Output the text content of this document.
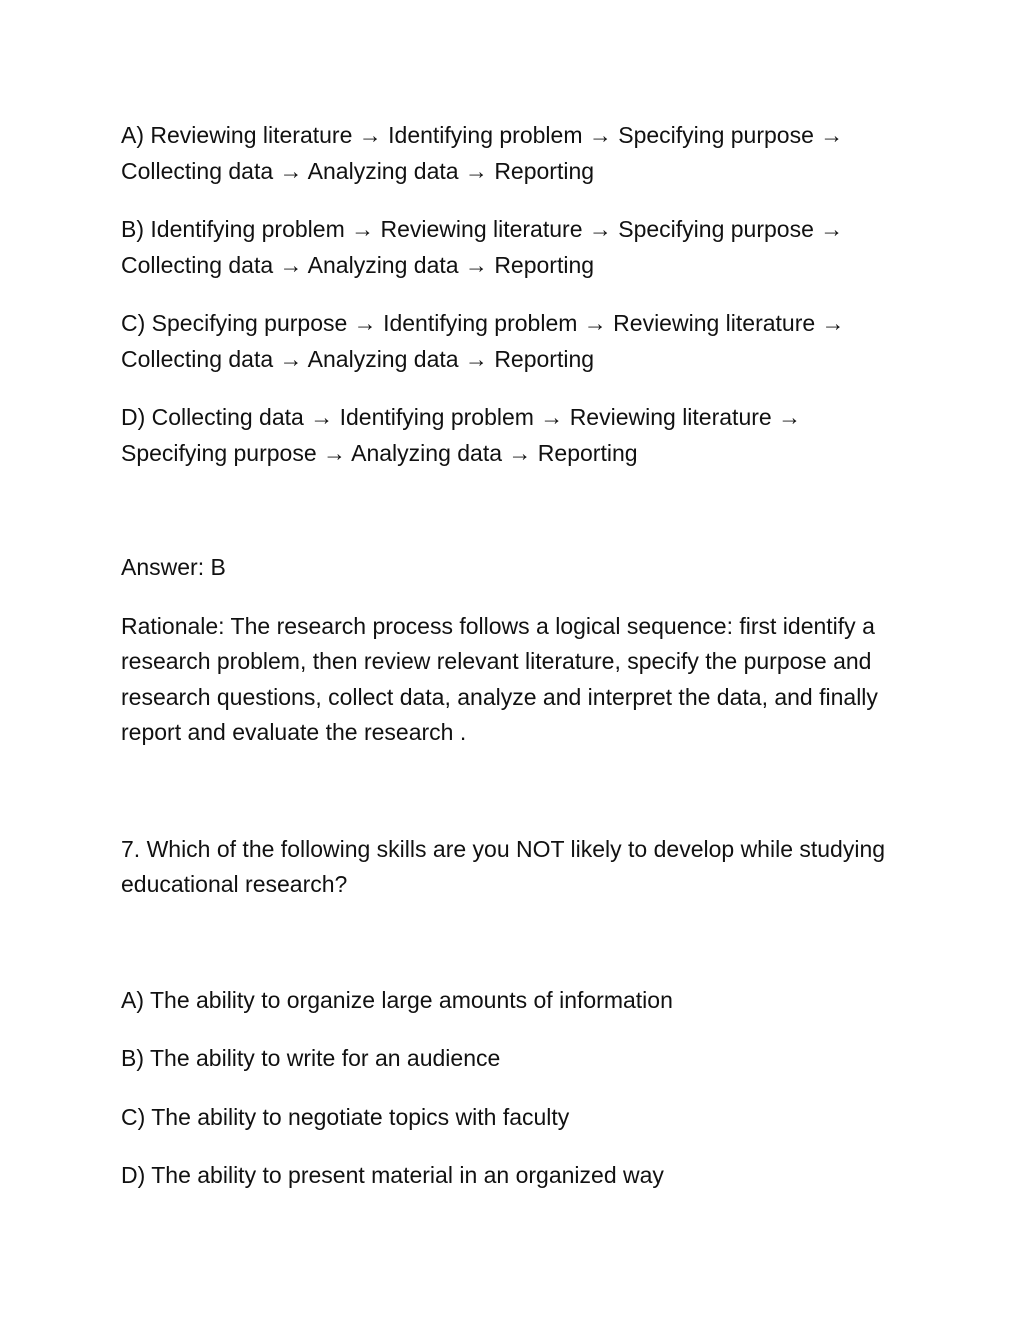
A) Reviewing literature → Identifying problem → Specifying purpose → Collecting data → Analyzing data → Reporting

B) Identifying problem → Reviewing literature → Specifying purpose → Collecting data → Analyzing data → Reporting

C) Specifying purpose → Identifying problem → Reviewing literature → Collecting data → Analyzing data → Reporting

D) Collecting data → Identifying problem → Reviewing literature → Specifying purpose → Analyzing data → Reporting

Answer: B

Rationale: The research process follows a logical sequence: first identify a research problem, then review relevant literature, specify the purpose and research questions, collect data, analyze and interpret the data, and finally report and evaluate the research .

7. Which of the following skills are you NOT likely to develop while studying educational research?

A) The ability to organize large amounts of information

B) The ability to write for an audience

C) The ability to negotiate topics with faculty

D) The ability to present material in an organized way
